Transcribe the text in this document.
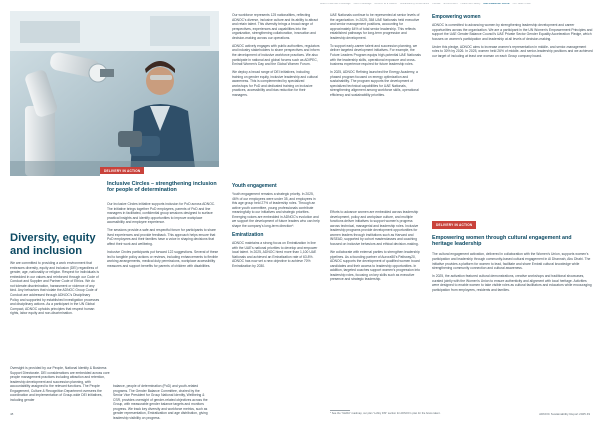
Board Chairman's Message CEO's Message ADNOC at a Glance Sustainability Governance Climate Environment Health and Safety EMPOWERING VALUE Our Value Chain
Diversity, equity and inclusion

We are committed to providing a work environment that embraces diversity, equity and inclusion (DEI) regardless of gender, age, nationality or religion. Respect for individuals is embedded in our values and reinforced through our Code of Conduct and Supplier and Partner Code of Ethics. We do not tolerate discrimination, harassment or violence of any kind. Any behaviors that violate the ADNOC Group Code of Conduct are addressed through ADNOC's Disciplinary Policy and supported by established investigation processes and disciplinary actions. As a participant in the UN Global Compact, ADNOC upholds principles that respect human rights, labor equity and non-discrimination.

Oversight is provided by our People, National Identity & Business Support Directorate. DEI considerations are embedded across core people management practices including attraction and retention, leadership development and succession planning, with accountability assigned to the relevant functions. The People Engagement, Culture & Recognition Department oversees the coordination and implementation of Group-wide DEI initiatives, including gender

DELIVERY IN ACTION
Inclusive Circles – strengthening inclusion for people of determination

Our Inclusive Circles initiative supports inclusion for PoD across ADNOC. The initiative brings together PoD employees, parents of PoD and line managers in facilitated, confidential group sessions designed to surface practical insights and identify opportunities to improve workplace accessibility and employee experience.

The sessions provide a safe and respectful forum for participants to share lived experiences and provide feedback. This approach helps ensure that PoD employees and their families have a voice in shaping decisions that affect their work and wellbeing.

Inclusive Circles participants put forward 122 suggestions. Several of these led to tangible policy actions or reviews, including enhancements to flexible working arrangements, medical duty permissions, workplace accessibility measures and support benefits for parents of children with disabilities.

balance, people of determination (PoD) and youth-related programs. The Gender Balance Committee, chaired by the Senior Vice President for Group National Identity, Wellbeing & CSR, provides oversight of gender-related objectives across the Group, with measurable gender balance targets and monitors progress. We track key diversity and workforce metrics, such as gender representation, Emiratization and age distribution, giving leadership visibility on progress.

Our workforce represents 125 nationalities, reflecting ADNOC's diverse, inclusive culture and its ability to attract and retain talent. This diversity brings a broad range of perspectives, experiences and capabilities into the organization, strengthening collaboration, innovation and decision-making across our operations.

ADNOC actively engages with public authorities, regulators and industry stakeholders to share perspectives and inform the development of inclusive workforce practices. We also participate in national and global forums such as ADIPEC, Emirati Women's Day and the Global Women Forum.

We deploy a broad range of DEI initiatives, including training on gender equity, inclusive leadership and cultural awareness. This is complemented by specialized workshops for PoD and dedicated training on inclusive practices, accessibility and bias reduction for their managers.

Youth engagement

Youth engagement remains a strategic priority. In 2025, 46% of our employees were under 35, and employees in this age group held 27% of leadership roles. Through an active youth committee, young professionals contribute meaningfully to our initiatives and strategic priorities. Emerging voices are embedded in ADNOC's evolution and we support the development of future leaders who can help shape the company's long-term direction*.

Emiratization

ADNOC maintains a strong focus on Emiratization in line with the UAE's national priorities to develop and empower local talent. In 2025, ADNOC hired more than 1,100 UAE Nationals and achieved an Emiratization rate of 63.8%. ADNOC has now set a new objective to achieve 70% Emiratization by 2030.

UAE Nationals continue to be represented at senior levels of the organization. In 2025, 358 UAE Nationals held executive and senior management positions, accounting for approximately 64% of total senior leadership. This reflects established pathways for long-term progression and leadership development.

To support early-career talent and succession planning, we deliver targeted development initiatives. For example, the Future Leaders Program equips high-potential UAE Nationals with the leadership skills, operational exposure and cross-business experience required for future leadership roles.

In 2025, ADNOC Refining launched the Energy Academy, a phased program focused on energy optimization and sustainability. The program supports the development of specialized technical capabilities for UAE Nationals, strengthening alignment among workforce skills, operational efficiency and sustainability priorities.

Empowering women

ADNOC is committed to advancing women by strengthening leadership development and career opportunities across the organization. We are a participant in the UN Women's Empowerment Principles and support the UAE Gender Balance Council's UAE Private Sector Gender Equality Acceleration Pledge, which focuses on women's participation and leadership at all levels of decision-making.

Under this pledge, ADNOC aims to increase women's representation in middle- and senior-management roles to 30% by 2026. In 2025, women held 26% of middle- and senior-leadership positions and we achieved our target of including at least one woman on each Group company board.

Efforts to advance women are embedded across leadership development, policy and workplace culture, and multiple functions deliver initiatives to support women's progress across technical, managerial and leadership roles. Inclusive leadership programs provide development opportunities for women leaders through institutions such as Harvard and INSEAD, supported by cohort masterclasses and coaching focused on inclusive behaviors and ethical decision-making.

We collaborate with external parties to strengthen leadership pipelines. As a founding partner of Aurora50's Pathway20, ADNOC supports the development of qualified women board candidates and their access to leadership opportunities. In addition, targeted coaches support women's progression into leadership roles, focusing on key skills such as executive presence and strategic leadership.

DELIVERY IN ACTION
Empowering women through cultural engagement and heritage leadership

The cultural engagement activation, delivered in collaboration with the Women's Union, supports women's participation and leadership through community-based cultural engagement in Al Dhannah, Abu Dhabi. The initiative provides a platform for women to lead, facilitate and share Emirati cultural knowledge while strengthening community connection and cultural awareness.

In 2025, the activation featured cultural demonstrations, creative workshops and traditional showcases, curated jointly with the Women's Union to ensure authenticity and alignment with local heritage. Activities were designed to enable women to take visible roles as cultural facilitators and educators while encouraging participation from employees, residents and families.

* See the "GHRA" roadmap, our plan "Lobby DIS" section for ADNOC's plan for the future talent.
48	ADNOC Sustainability Report 2025 49
